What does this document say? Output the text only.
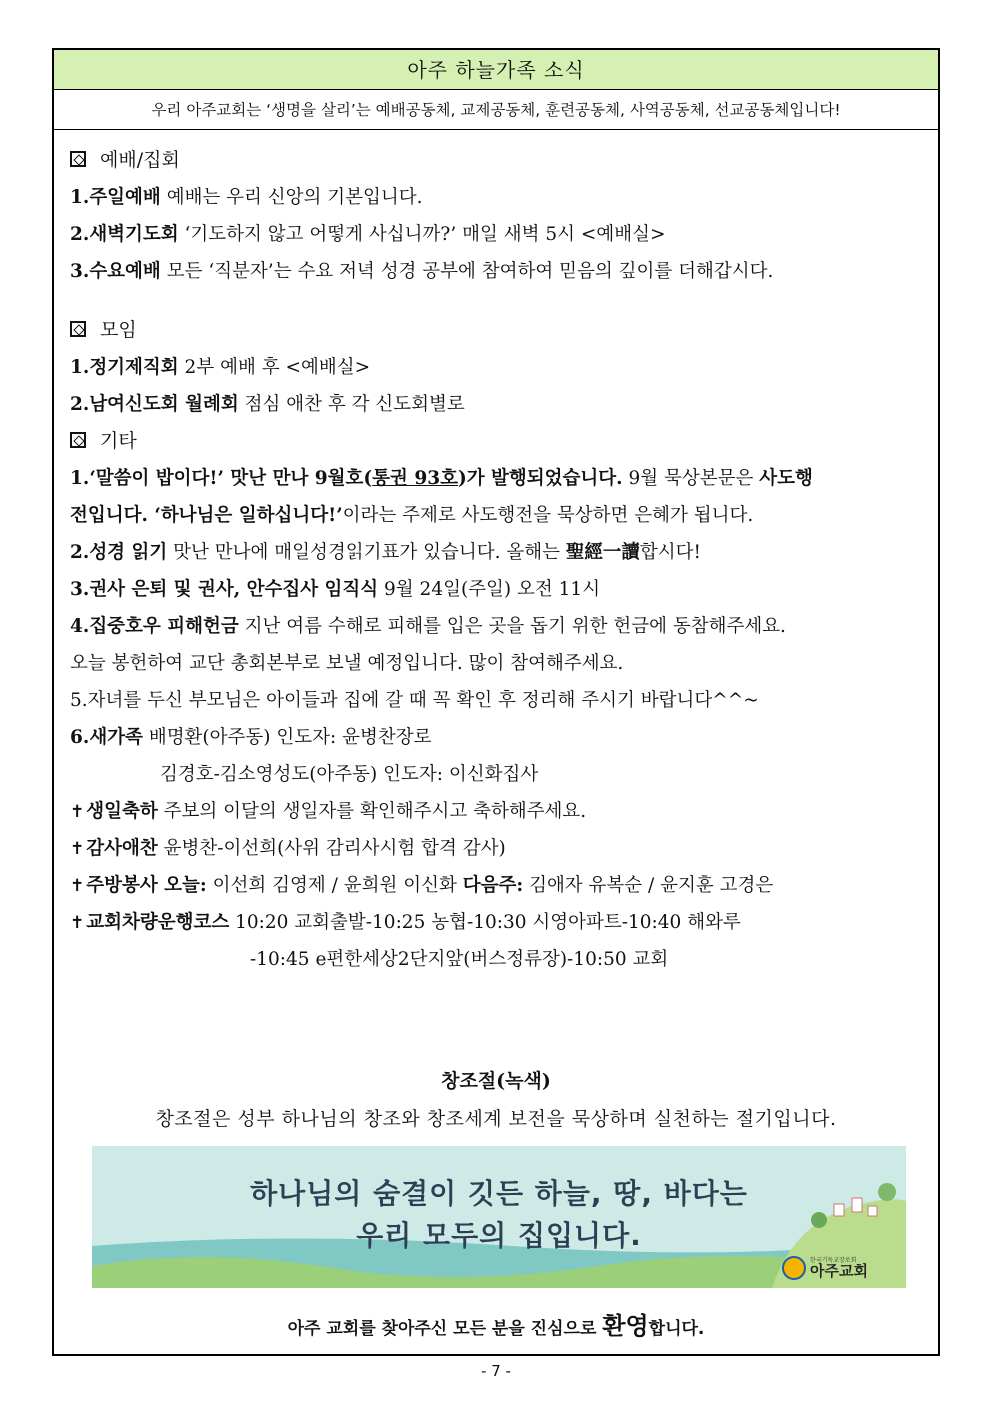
아주 하늘가족 소식
우리 아주교회는 ‘생명을 살리’는 예배공동체, 교제공동체, 훈련공동체, 사역공동체, 선교공동체입니다!
예배/집회
1.주일예배 예배는 우리 신앙의 기본입니다.
2.새벽기도회 ‘기도하지 않고 어떻게 사십니까?’ 매일 새벽 5시 <예배실>
3.수요예배 모든 ‘직분자’는 수요 저녁 성경 공부에 참여하여 믿음의 깊이를 더해갑시다.
모임
1.정기제직회 2부 예배 후 <예배실>
2.남여신도회 월례회 점심 애찬 후 각 신도회별로
기타
1.‘말씀이 밥이다!’ 맛난 만나 9월호(통권 93호)가 발행되었습니다. 9월 묵상본문은 사도행
전입니다. ‘하나님은 일하십니다!’이라는 주제로 사도행전을 묵상하면 은혜가 됩니다.
2.성경 읽기 맛난 만나에 매일성경읽기표가 있습니다. 올해는 聖經一讀합시다!
3.권사 은퇴 및 권사, 안수집사 임직식 9월 24일(주일) 오전 11시
4.집중호우 피해헌금 지난 여름 수해로 피해를 입은 곳을 돕기 위한 헌금에 동참해주세요.
오늘 봉헌하여 교단 총회본부로 보낼 예정입니다. 많이 참여해주세요.
5.자녀를 두신 부모님은 아이들과 집에 갈 때 꼭 확인 후 정리해 주시기 바랍니다^^~
6.새가족 배명환(아주동) 인도자: 윤병찬장로
김경호-김소영성도(아주동) 인도자: 이신화집사
✝ 생일축하 주보의 이달의 생일자를 확인해주시고 축하해주세요.
✝ 감사애찬 윤병찬-이선희(사위 감리사시험 합격 감사)
✝ 주방봉사 오늘: 이선희 김영제 / 윤희원 이신화 다음주: 김애자 유복순 / 윤지훈 고경은
✝ 교회차량운행코스 10:20 교회출발-10:25 농협-10:30 시영아파트-10:40 해와루
-10:45 e편한세상2단지앞(버스정류장)-10:50 교회
창조절(녹색)
창조절은 성부 하나님의 창조와 창조세계 보전을 묵상하며 실천하는 절기입니다.
하나님의 숨결이 깃든 하늘, 땅, 바다는
우리 모두의 집입니다.
한국기독교장로회
아주교회
아주 교회를 찾아주신 모든 분을 진심으로 환영합니다.
- 7 -
